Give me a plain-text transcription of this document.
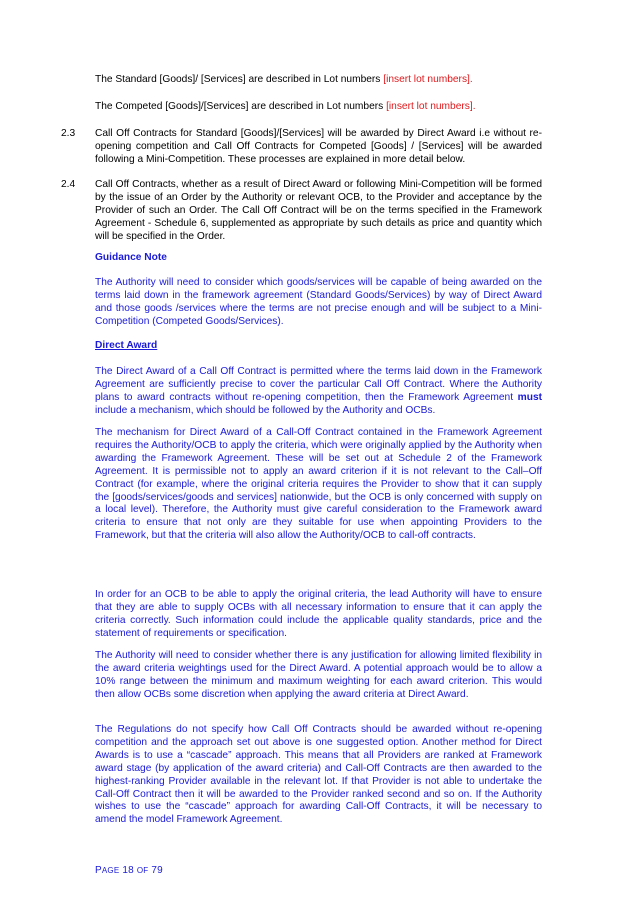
The Standard [Goods]/ [Services] are described in Lot numbers [insert lot numbers].

The Competed [Goods]/[Services] are described in Lot numbers [insert lot numbers].

2.3 Call Off Contracts for Standard [Goods]/[Services] will be awarded by Direct Award i.e without re-opening competition and Call Off Contracts for Competed [Goods] / [Services] will be awarded following a Mini-Competition. These processes are explained in more detail below.

2.4 Call Off Contracts, whether as a result of Direct Award or following Mini-Competition will be formed by the issue of an Order by the Authority or relevant OCB, to the Provider and acceptance by the Provider of such an Order. The Call Off Contract will be on the terms specified in the Framework Agreement - Schedule 6, supplemented as appropriate by such details as price and quantity which will be specified in the Order.

Guidance Note

The Authority will need to consider which goods/services will be capable of being awarded on the terms laid down in the framework agreement (Standard Goods/Services) by way of Direct Award and those goods /services where the terms are not precise enough and will be subject to a Mini-Competition (Competed Goods/Services).

Direct Award

The Direct Award of a Call Off Contract is permitted where the terms laid down in the Framework Agreement are sufficiently precise to cover the particular Call Off Contract. Where the Authority plans to award contracts without re-opening competition, then the Framework Agreement must include a mechanism, which should be followed by the Authority and OCBs.

The mechanism for Direct Award of a Call-Off Contract contained in the Framework Agreement requires the Authority/OCB to apply the criteria, which were originally applied by the Authority when awarding the Framework Agreement. These will be set out at Schedule 2 of the Framework Agreement. It is permissible not to apply an award criterion if it is not relevant to the Call–Off Contract (for example, where the original criteria requires the Provider to show that it can supply the [goods/services/goods and services] nationwide, but the OCB is only concerned with supply on a local level). Therefore, the Authority must give careful consideration to the Framework award criteria to ensure that not only are they suitable for use when appointing Providers to the Framework, but that the criteria will also allow the Authority/OCB to call-off contracts.

In order for an OCB to be able to apply the original criteria, the lead Authority will have to ensure that they are able to supply OCBs with all necessary information to ensure that it can apply the criteria correctly. Such information could include the applicable quality standards, price and the statement of requirements or specification.

The Authority will need to consider whether there is any justification for allowing limited flexibility in the award criteria weightings used for the Direct Award. A potential approach would be to allow a 10% range between the minimum and maximum weighting for each award criterion. This would then allow OCBs some discretion when applying the award criteria at Direct Award.

The Regulations do not specify how Call Off Contracts should be awarded without re-opening competition and the approach set out above is one suggested option. Another method for Direct Awards is to use a “cascade” approach. This means that all Providers are ranked at Framework award stage (by application of the award criteria) and Call-Off Contracts are then awarded to the highest-ranking Provider available in the relevant lot. If that Provider is not able to undertake the Call-Off Contract then it will be awarded to the Provider ranked second and so on. If the Authority wishes to use the “cascade” approach for awarding Call-Off Contracts, it will be necessary to amend the model Framework Agreement.

PAGE 18 OF 79
